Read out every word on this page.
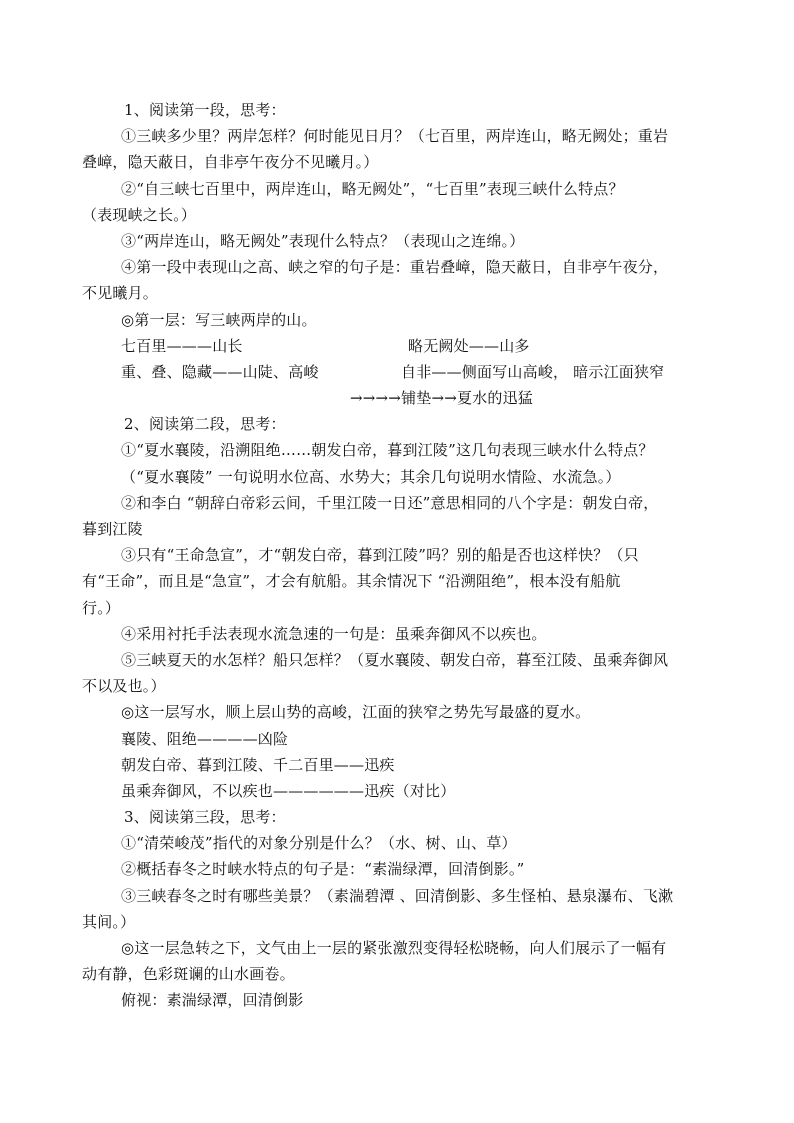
1、阅读第一段，思考：
①三峡多少里？两岸怎样？何时能见日月？（七百里，两岸连山，略无阙处；重岩
叠嶂，隐天蔽日，自非亭午夜分不见曦月。）
②“自三峡七百里中，两岸连山，略无阙处”，“七百里”表现三峡什么特点？
（表现峡之长。）
③“两岸连山，略无阙处”表现什么特点？（表现山之连绵。）
④第一段中表现山之高、峡之窄的句子是：重岩叠嶂，隐天蔽日，自非亭午夜分，
不见曦月。
◎第一层：写三峡两岸的山。
七百里———山长	略无阙处——山多
重、叠、隐藏——山陡、高峻	自非——侧面写山高峻， 暗示江面狭窄
→→→→铺垫→→夏水的迅猛
2、阅读第二段，思考：
①“夏水襄陵，沿溯阻绝……朝发白帝，暮到江陵”这几句表现三峡水什么特点？
（“夏水襄陵” 一句说明水位高、水势大；其余几句说明水情险、水流急。）
②和李白 “朝辞白帝彩云间，千里江陵一日还”意思相同的八个字是：朝发白帝，
暮到江陵
③只有“王命急宣”，才“朝发白帝，暮到江陵”吗？别的船是否也这样快？（只
有“王命”，而且是“急宣”，才会有航船。其余情况下 “沿溯阻绝”，根本没有船航
行。）
④采用衬托手法表现水流急速的一句是：虽乘奔御风不以疾也。
⑤三峡夏天的水怎样？船只怎样？（夏水襄陵、朝发白帝，暮至江陵、虽乘奔御风
不以及也。）
◎这一层写水，顺上层山势的高峻，江面的狭窄之势先写最盛的夏水。
襄陵、阻绝————凶险
朝发白帝、暮到江陵、千二百里——迅疾
虽乘奔御风，不以疾也——————迅疾（对比）
3、阅读第三段，思考：
①“清荣峻茂”指代的对象分别是什么？（水、树、山、草）
②概括春冬之时峡水特点的句子是：“素湍绿潭，回清倒影。”
③三峡春冬之时有哪些美景？（素湍碧潭 、回清倒影、多生怪柏、悬泉瀑布、飞漱
其间。）
◎这一层急转之下，文气由上一层的紧张激烈变得轻松晓畅，向人们展示了一幅有
动有静，色彩斑谰的山水画卷。
俯视：素湍绿潭，回清倒影
